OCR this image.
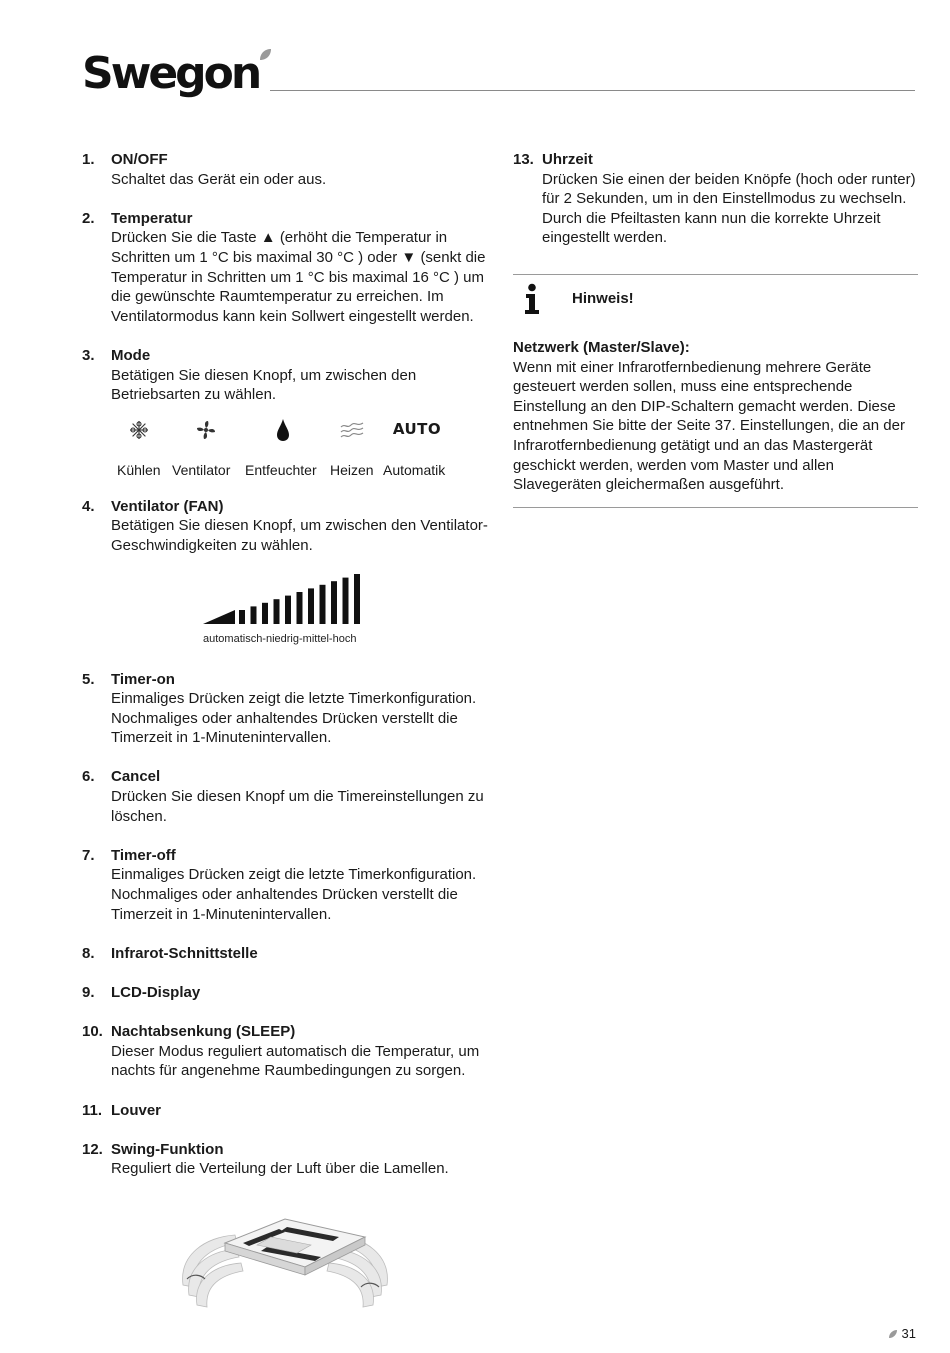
Swegon
1. ON/OFF
Schaltet das Gerät ein oder aus.
2. Temperatur
Drücken Sie die Taste ▲ (erhöht die Temperatur in Schritten um 1 °C bis maximal 30 °C ) oder ▼ (senkt die Temperatur in Schritten um 1 °C bis maximal 16 °C ) um die gewünschte Raumtemperatur zu erreichen. Im Ventilatormodus kann kein Sollwert eingestellt werden.
3. Mode
Betätigen Sie diesen Knopf, um zwischen den Betriebsarten zu wählen.
AUTO
Kühlen Ventilator Entfeuchter Heizen Automatik
4. Ventilator (FAN)
Betätigen Sie diesen Knopf, um zwischen den Ventilator-Geschwindigkeiten zu wählen.
automatisch-niedrig-mittel-hoch
5. Timer-on
Einmaliges Drücken zeigt die letzte Timerkonfiguration. Nochmaliges oder anhaltendes Drücken verstellt die Timerzeit in 1-Minutenintervallen.
6. Cancel
Drücken Sie diesen Knopf um die Timereinstellungen zu löschen.
7. Timer-off
Einmaliges Drücken zeigt die letzte Timerkonfiguration. Nochmaliges oder anhaltendes Drücken verstellt die Timerzeit in 1-Minutenintervallen.
8. Infrarot-Schnittstelle
9. LCD-Display
10. Nachtabsenkung (SLEEP)
Dieser Modus reguliert automatisch die Temperatur, um nachts für angenehme Raumbedingungen zu sorgen.
11. Louver
12. Swing-Funktion
Reguliert die Verteilung der Luft über die Lamellen.
13. Uhrzeit
Drücken Sie einen der beiden Knöpfe (hoch oder runter) für 2 Sekunden, um in den Einstellmodus zu wechseln. Durch die Pfeiltasten kann nun die korrekte Uhrzeit eingestellt werden.
Hinweis!
Netzwerk (Master/Slave):
Wenn mit einer Infrarotfernbedienung mehrere Geräte gesteuert werden sollen, muss eine entsprechende Einstellung an den DIP-Schaltern gemacht werden. Diese entnehmen Sie bitte der Seite 37. Einstellungen, die an der Infrarotfernbedienung getätigt und an das Mastergerät geschickt werden, werden vom Master und allen Slavegeräten gleichermaßen ausgeführt.
31
